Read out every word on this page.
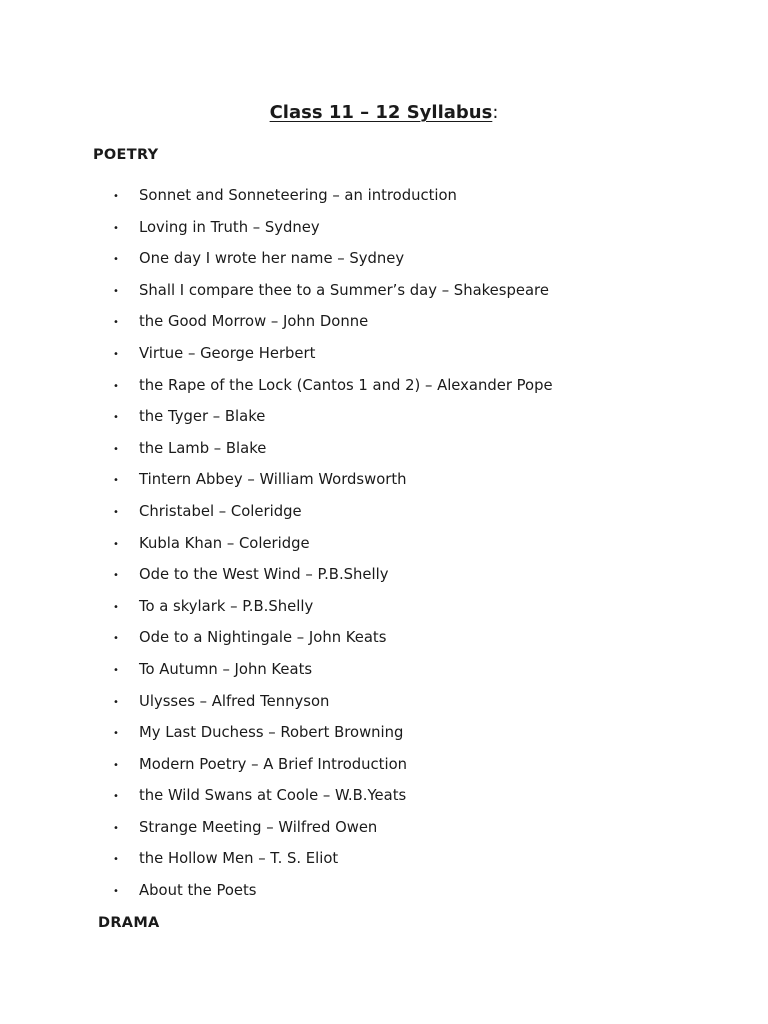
Class 11 – 12 Syllabus:
POETRY
• Sonnet and Sonneteering – an introduction
• Loving in Truth – Sydney
• One day I wrote her name – Sydney
• Shall I compare thee to a Summer’s day – Shakespeare
• the Good Morrow – John Donne
• Virtue – George Herbert
• the Rape of the Lock (Cantos 1 and 2) – Alexander Pope
• the Tyger – Blake
• the Lamb – Blake
• Tintern Abbey – William Wordsworth
• Christabel – Coleridge
• Kubla Khan – Coleridge
• Ode to the West Wind – P.B.Shelly
• To a skylark – P.B.Shelly
• Ode to a Nightingale – John Keats
• To Autumn – John Keats
• Ulysses – Alfred Tennyson
• My Last Duchess – Robert Browning
• Modern Poetry – A Brief Introduction
• the Wild Swans at Coole – W.B.Yeats
• Strange Meeting – Wilfred Owen
• the Hollow Men – T. S. Eliot
• About the Poets
DRAMA
